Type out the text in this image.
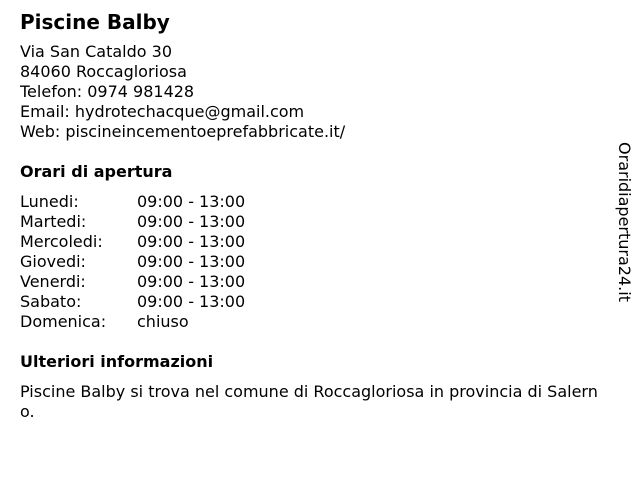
Piscine Balby
Via San Cataldo 30
84060 Roccagloriosa
Telefon: 0974 981428
Email: hydrotechacque@gmail.com
Web: piscineincementoeprefabbricate.it/
Orari di apertura
Lunedi:	09:00 - 13:00
Martedi:	09:00 - 13:00
Mercoledi:	09:00 - 13:00
Giovedi:	09:00 - 13:00
Venerdi:	09:00 - 13:00
Sabato:	09:00 - 13:00
Domenica:	chiuso
Ulteriori informazioni
Piscine Balby si trova nel comune di Roccagloriosa in provincia di Salerno.
Oraridiapertura24.it
